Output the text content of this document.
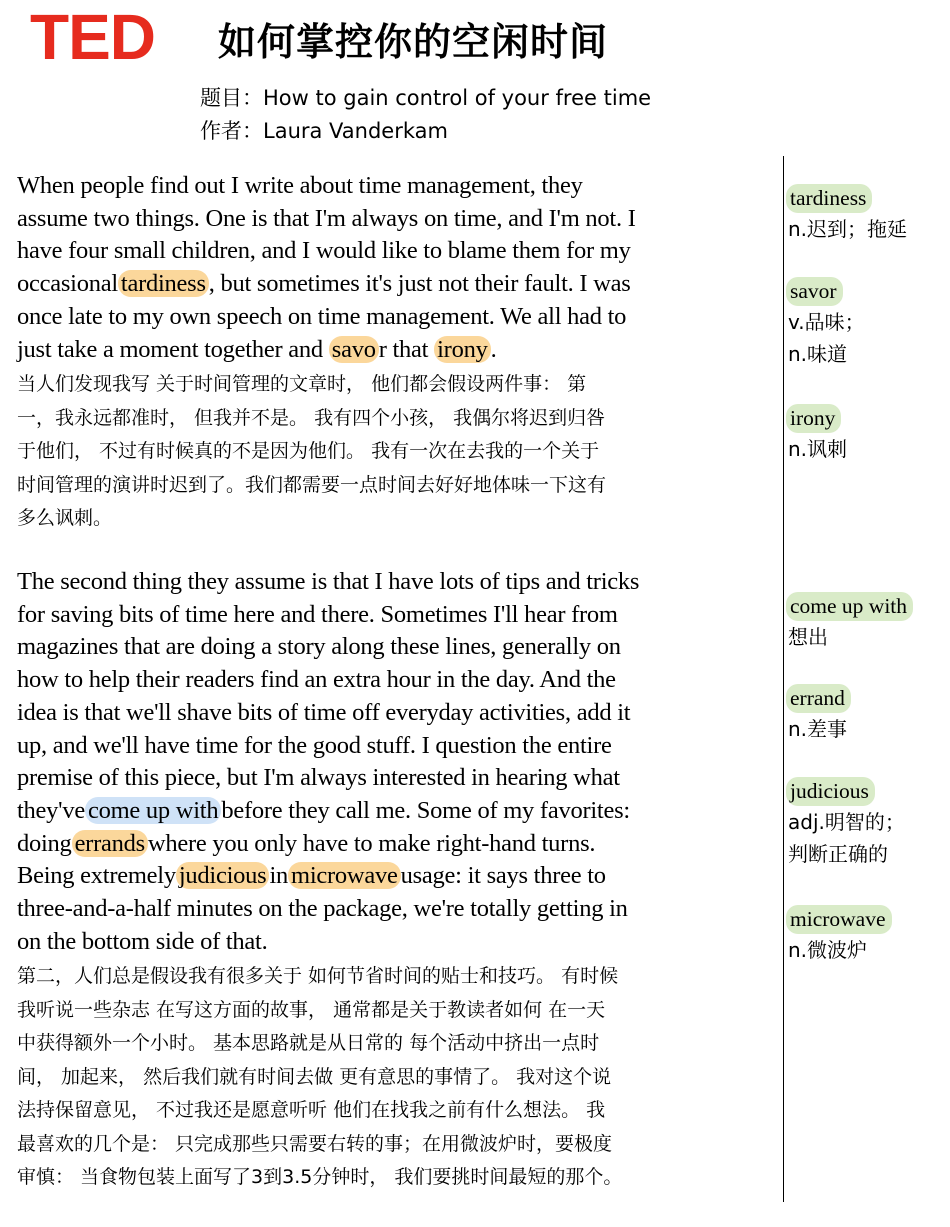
TED 如何掌控你的空闲时间
题目：How to gain control of your free time
作者：Laura Vanderkam
When people find out I write about time management, they
assume two things. One is that I'm always on time, and I'm not. I
have four small children, and I would like to blame them for my
occasional tardiness , but sometimes it's just not their fault. I was
once late to my own speech on time management. We all had to
just take a moment together and savo r that irony .
当人们发现我写 关于时间管理的文章时， 他们都会假设两件事： 第
一，我永远都准时， 但我并不是。 我有四个小孩， 我偶尔将迟到归咎
于他们， 不过有时候真的不是因为他们。 我有一次在去我的一个关于
时间管理的演讲时迟到了。我们都需要一点时间去好好地体味一下这有
多么讽刺。
The second thing they assume is that I have lots of tips and tricks
for saving bits of time here and there. Sometimes I'll hear from
magazines that are doing a story along these lines, generally on
how to help their readers find an extra hour in the day. And the
idea is that we'll shave bits of time off everyday activities, add it
up, and we'll have time for the good stuff. I question the entire
premise of this piece, but I'm always interested in hearing what
they've come up with before they call me. Some of my favorites:
doing errands where you only have to make right-hand turns.
Being extremely judicious in microwave usage: it says three to
three-and-a-half minutes on the package, we're totally getting in
on the bottom side of that.
第二，人们总是假设我有很多关于 如何节省时间的贴士和技巧。 有时候
我听说一些杂志 在写这方面的故事， 通常都是关于教读者如何 在一天
中获得额外一个小时。 基本思路就是从日常的 每个活动中挤出一点时
间， 加起来， 然后我们就有时间去做 更有意思的事情了。 我对这个说
法持保留意见， 不过我还是愿意听听 他们在找我之前有什么想法。 我
最喜欢的几个是： 只完成那些只需要右转的事；在用微波炉时，要极度
审慎： 当食物包装上面写了3到3.5分钟时， 我们要挑时间最短的那个。
tardiness
n.迟到；拖延
savor
v.品味；
n.味道
irony
n.讽刺
come up with
想出
errand
n.差事
judicious
adj.明智的；
判断正确的
microwave
n.微波炉
